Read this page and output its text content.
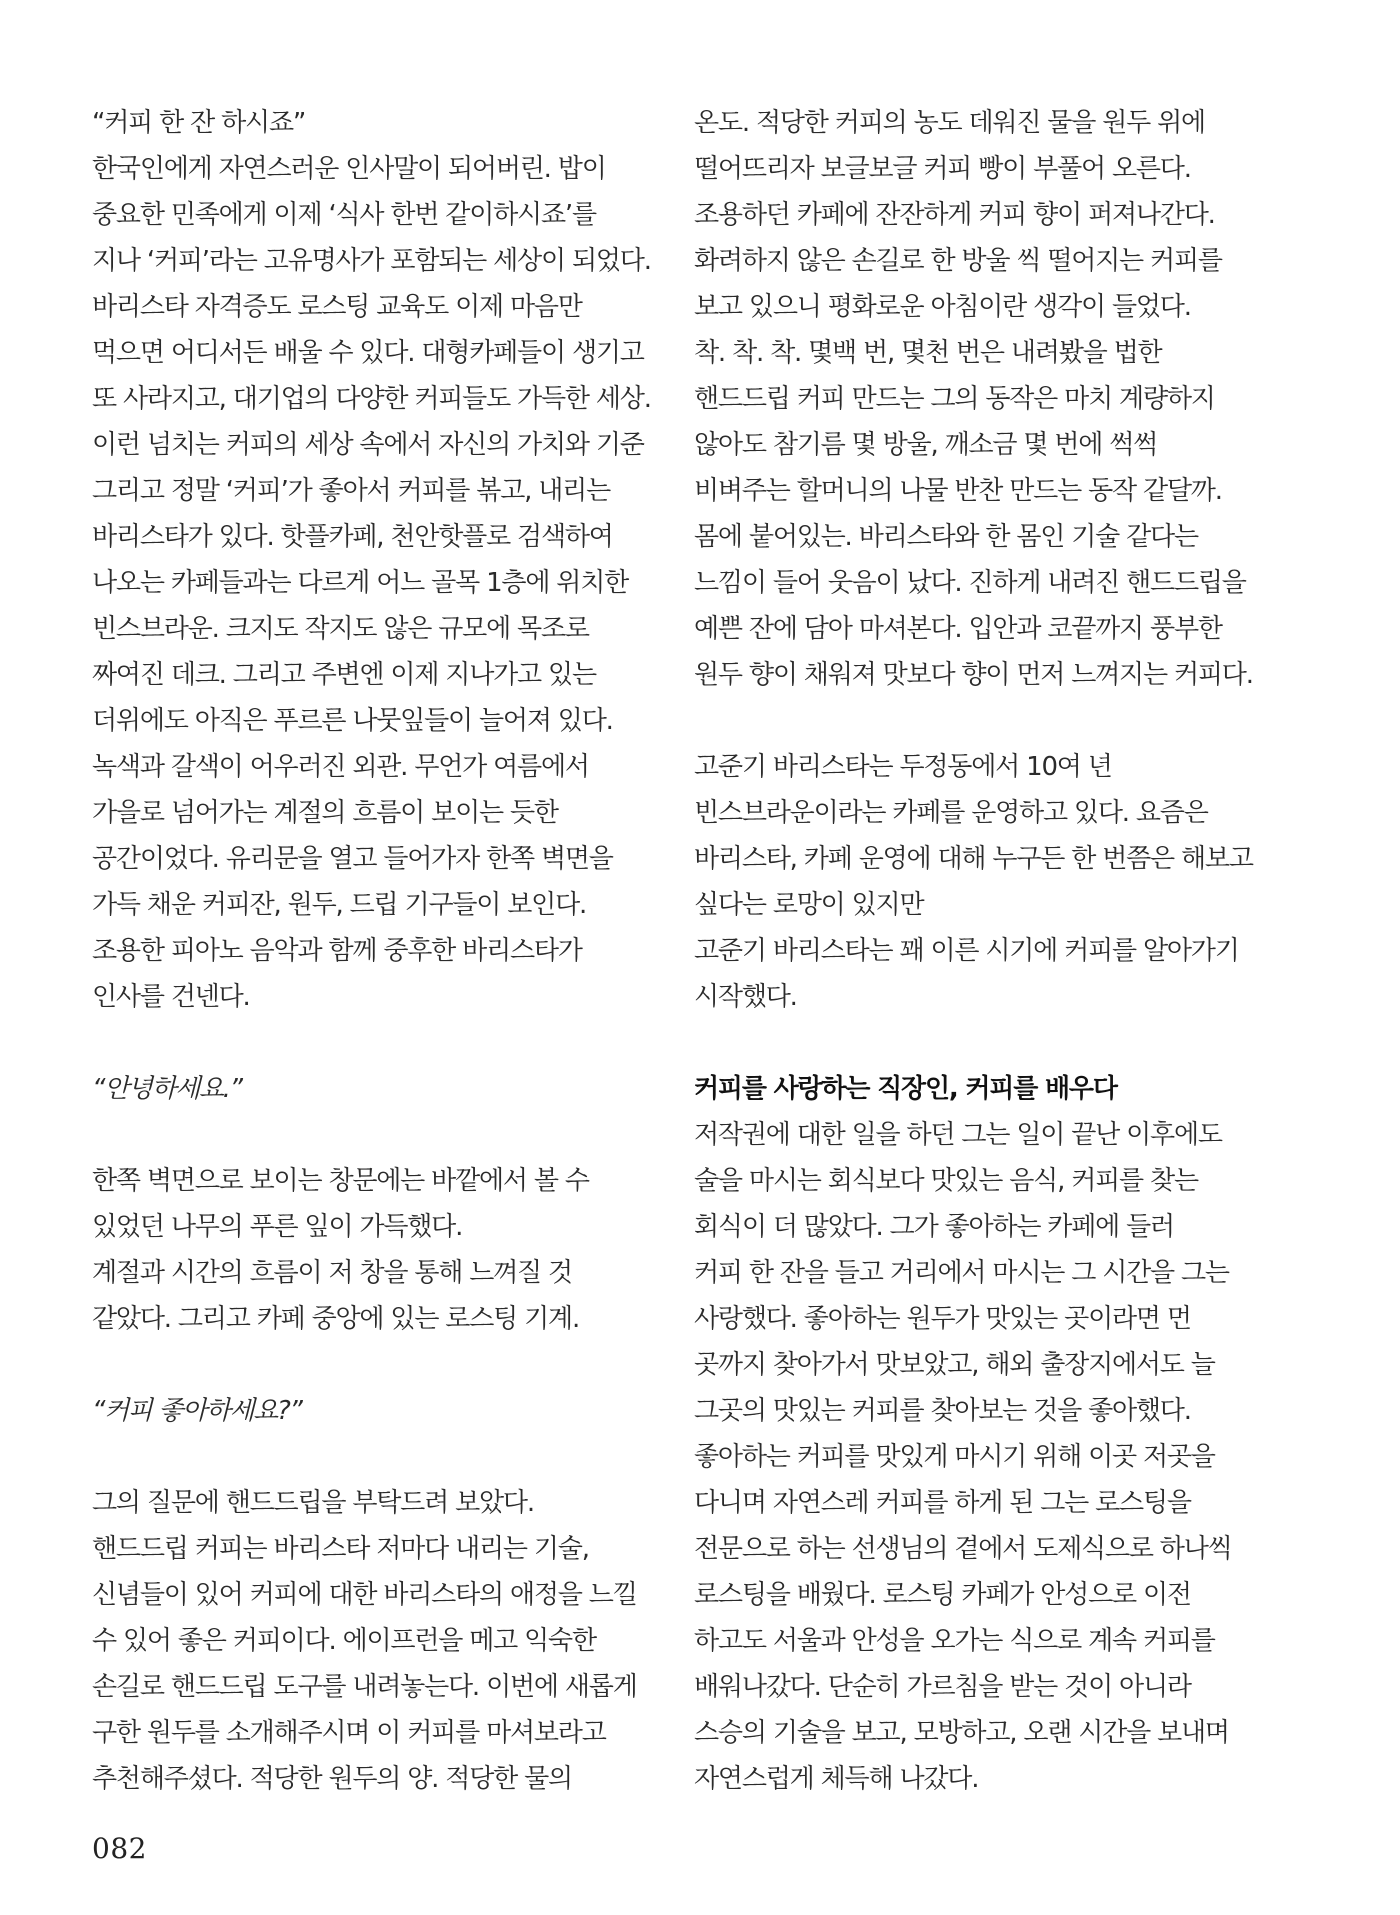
“커피 한 잔 하시죠”
한국인에게 자연스러운 인사말이 되어버린. 밥이
중요한 민족에게 이제 ‘식사 한번 같이하시죠’를
지나 ‘커피’라는 고유명사가 포함되는 세상이 되었다.
바리스타 자격증도 로스팅 교육도 이제 마음만
먹으면 어디서든 배울 수 있다. 대형카페들이 생기고
또 사라지고, 대기업의 다양한 커피들도 가득한 세상.
이런 넘치는 커피의 세상 속에서 자신의 가치와 기준
그리고 정말 ‘커피’가 좋아서 커피를 볶고, 내리는
바리스타가 있다. 핫플카페, 천안핫플로 검색하여
나오는 카페들과는 다르게 어느 골목 1층에 위치한
빈스브라운. 크지도 작지도 않은 규모에 목조로
짜여진 데크. 그리고 주변엔 이제 지나가고 있는
더위에도 아직은 푸르른 나뭇잎들이 늘어져 있다.
녹색과 갈색이 어우러진 외관. 무언가 여름에서
가을로 넘어가는 계절의 흐름이 보이는 듯한
공간이었다. 유리문을 열고 들어가자 한쪽 벽면을
가득 채운 커피잔, 원두, 드립 기구들이 보인다.
조용한 피아노 음악과 함께 중후한 바리스타가
인사를 건넨다.
“안녕하세요.”
한쪽 벽면으로 보이는 창문에는 바깥에서 볼 수
있었던 나무의 푸른 잎이 가득했다.
계절과 시간의 흐름이 저 창을 통해 느껴질 것
같았다. 그리고 카페 중앙에 있는 로스팅 기계.
“커피 좋아하세요?”
그의 질문에 핸드드립을 부탁드려 보았다.
핸드드립 커피는 바리스타 저마다 내리는 기술,
신념들이 있어 커피에 대한 바리스타의 애정을 느낄
수 있어 좋은 커피이다. 에이프런을 메고 익숙한
손길로 핸드드립 도구를 내려놓는다. 이번에 새롭게
구한 원두를 소개해주시며 이 커피를 마셔보라고
추천해주셨다. 적당한 원두의 양. 적당한 물의
온도. 적당한 커피의 농도 데워진 물을 원두 위에
떨어뜨리자 보글보글 커피 빵이 부풀어 오른다.
조용하던 카페에 잔잔하게 커피 향이 퍼져나간다.
화려하지 않은 손길로 한 방울 씩 떨어지는 커피를
보고 있으니 평화로운 아침이란 생각이 들었다.
착. 착. 착. 몇백 번, 몇천 번은 내려봤을 법한
핸드드립 커피 만드는 그의 동작은 마치 계량하지
않아도 참기름 몇 방울, 깨소금 몇 번에 썩썩
비벼주는 할머니의 나물 반찬 만드는 동작 같달까.
몸에 붙어있는. 바리스타와 한 몸인 기술 같다는
느낌이 들어 웃음이 났다. 진하게 내려진 핸드드립을
예쁜 잔에 담아 마셔본다. 입안과 코끝까지 풍부한
원두 향이 채워져 맛보다 향이 먼저 느껴지는 커피다.
고준기 바리스타는 두정동에서 10여 년
빈스브라운이라는 카페를 운영하고 있다. 요즘은
바리스타, 카페 운영에 대해 누구든 한 번쯤은 해보고
싶다는 로망이 있지만
고준기 바리스타는 꽤 이른 시기에 커피를 알아가기
시작했다.
커피를 사랑하는 직장인, 커피를 배우다
저작권에 대한 일을 하던 그는 일이 끝난 이후에도
술을 마시는 회식보다 맛있는 음식, 커피를 찾는
회식이 더 많았다. 그가 좋아하는 카페에 들러
커피 한 잔을 들고 거리에서 마시는 그 시간을 그는
사랑했다. 좋아하는 원두가 맛있는 곳이라면 먼
곳까지 찾아가서 맛보았고, 해외 출장지에서도 늘
그곳의 맛있는 커피를 찾아보는 것을 좋아했다.
좋아하는 커피를 맛있게 마시기 위해 이곳 저곳을
다니며 자연스레 커피를 하게 된 그는 로스팅을
전문으로 하는 선생님의 곁에서 도제식으로 하나씩
로스팅을 배웠다. 로스팅 카페가 안성으로 이전
하고도 서울과 안성을 오가는 식으로 계속 커피를
배워나갔다. 단순히 가르침을 받는 것이 아니라
스승의 기술을 보고, 모방하고, 오랜 시간을 보내며
자연스럽게 체득해 나갔다.
082
